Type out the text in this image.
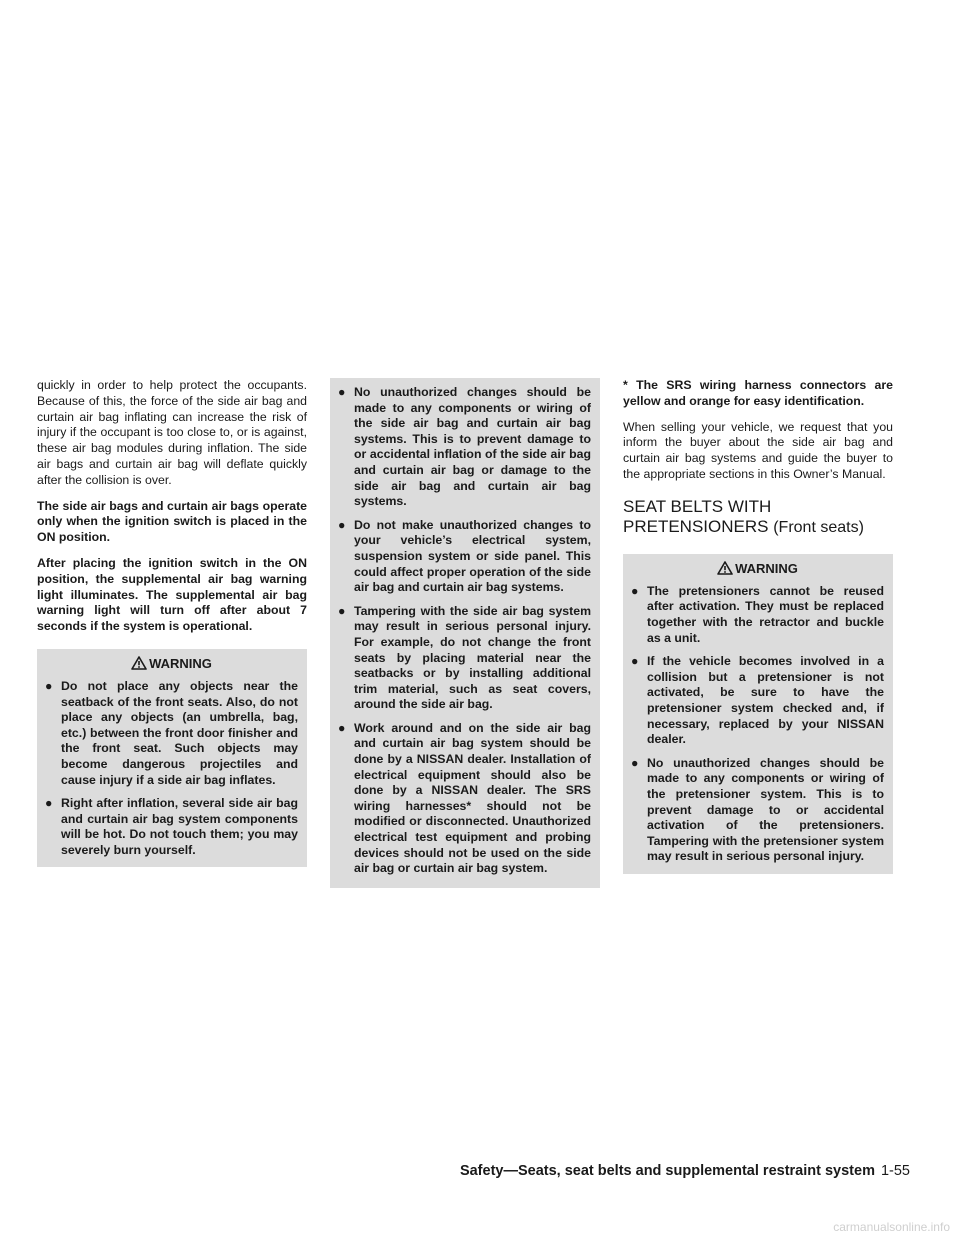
quickly in order to help protect the occupants. Because of this, the force of the side air bag and curtain air bag inflating can increase the risk of injury if the occupant is too close to, or is against, these air bag modules during inflation. The side air bags and curtain air bag will deflate quickly after the collision is over.

The side air bags and curtain air bags operate only when the ignition switch is placed in the ON position.

After placing the ignition switch in the ON position, the supplemental air bag warning light illuminates. The supplemental air bag warning light will turn off after about 7 seconds if the system is operational.

WARNING
● Do not place any objects near the seatback of the front seats. Also, do not place any objects (an umbrella, bag, etc.) between the front door finisher and the front seat. Such objects may become dangerous projectiles and cause injury if a side air bag inflates.
● Right after inflation, several side air bag and curtain air bag system components will be hot. Do not touch them; you may severely burn yourself.
● No unauthorized changes should be made to any components or wiring of the side air bag and curtain air bag systems. This is to prevent damage to or accidental inflation of the side air bag and curtain air bag or damage to the side air bag and curtain air bag systems.
● Do not make unauthorized changes to your vehicle’s electrical system, suspension system or side panel. This could affect proper operation of the side air bag and curtain air bag systems.
● Tampering with the side air bag system may result in serious personal injury. For example, do not change the front seats by placing material near the seatbacks or by installing additional trim material, such as seat covers, around the side air bag.
● Work around and on the side air bag and curtain air bag system should be done by a NISSAN dealer. Installation of electrical equipment should also be done by a NISSAN dealer. The SRS wiring harnesses* should not be modified or disconnected. Unauthorized electrical test equipment and probing devices should not be used on the side air bag or curtain air bag system.

* The SRS wiring harness connectors are yellow and orange for easy identification.

When selling your vehicle, we request that you inform the buyer about the side air bag and curtain air bag systems and guide the buyer to the appropriate sections in this Owner’s Manual.

SEAT BELTS WITH
PRETENSIONERS (Front seats)
WARNING
● The pretensioners cannot be reused after activation. They must be replaced together with the retractor and buckle as a unit.
● If the vehicle becomes involved in a collision but a pretensioner is not activated, be sure to have the pretensioner system checked and, if necessary, replaced by your NISSAN dealer.
● No unauthorized changes should be made to any components or wiring of the pretensioner system. This is to prevent damage to or accidental activation of the pretensioners. Tampering with the pretensioner system may result in serious personal injury.
Safety—Seats, seat belts and supplemental restraint system 1-55
carmanualsonline.info
